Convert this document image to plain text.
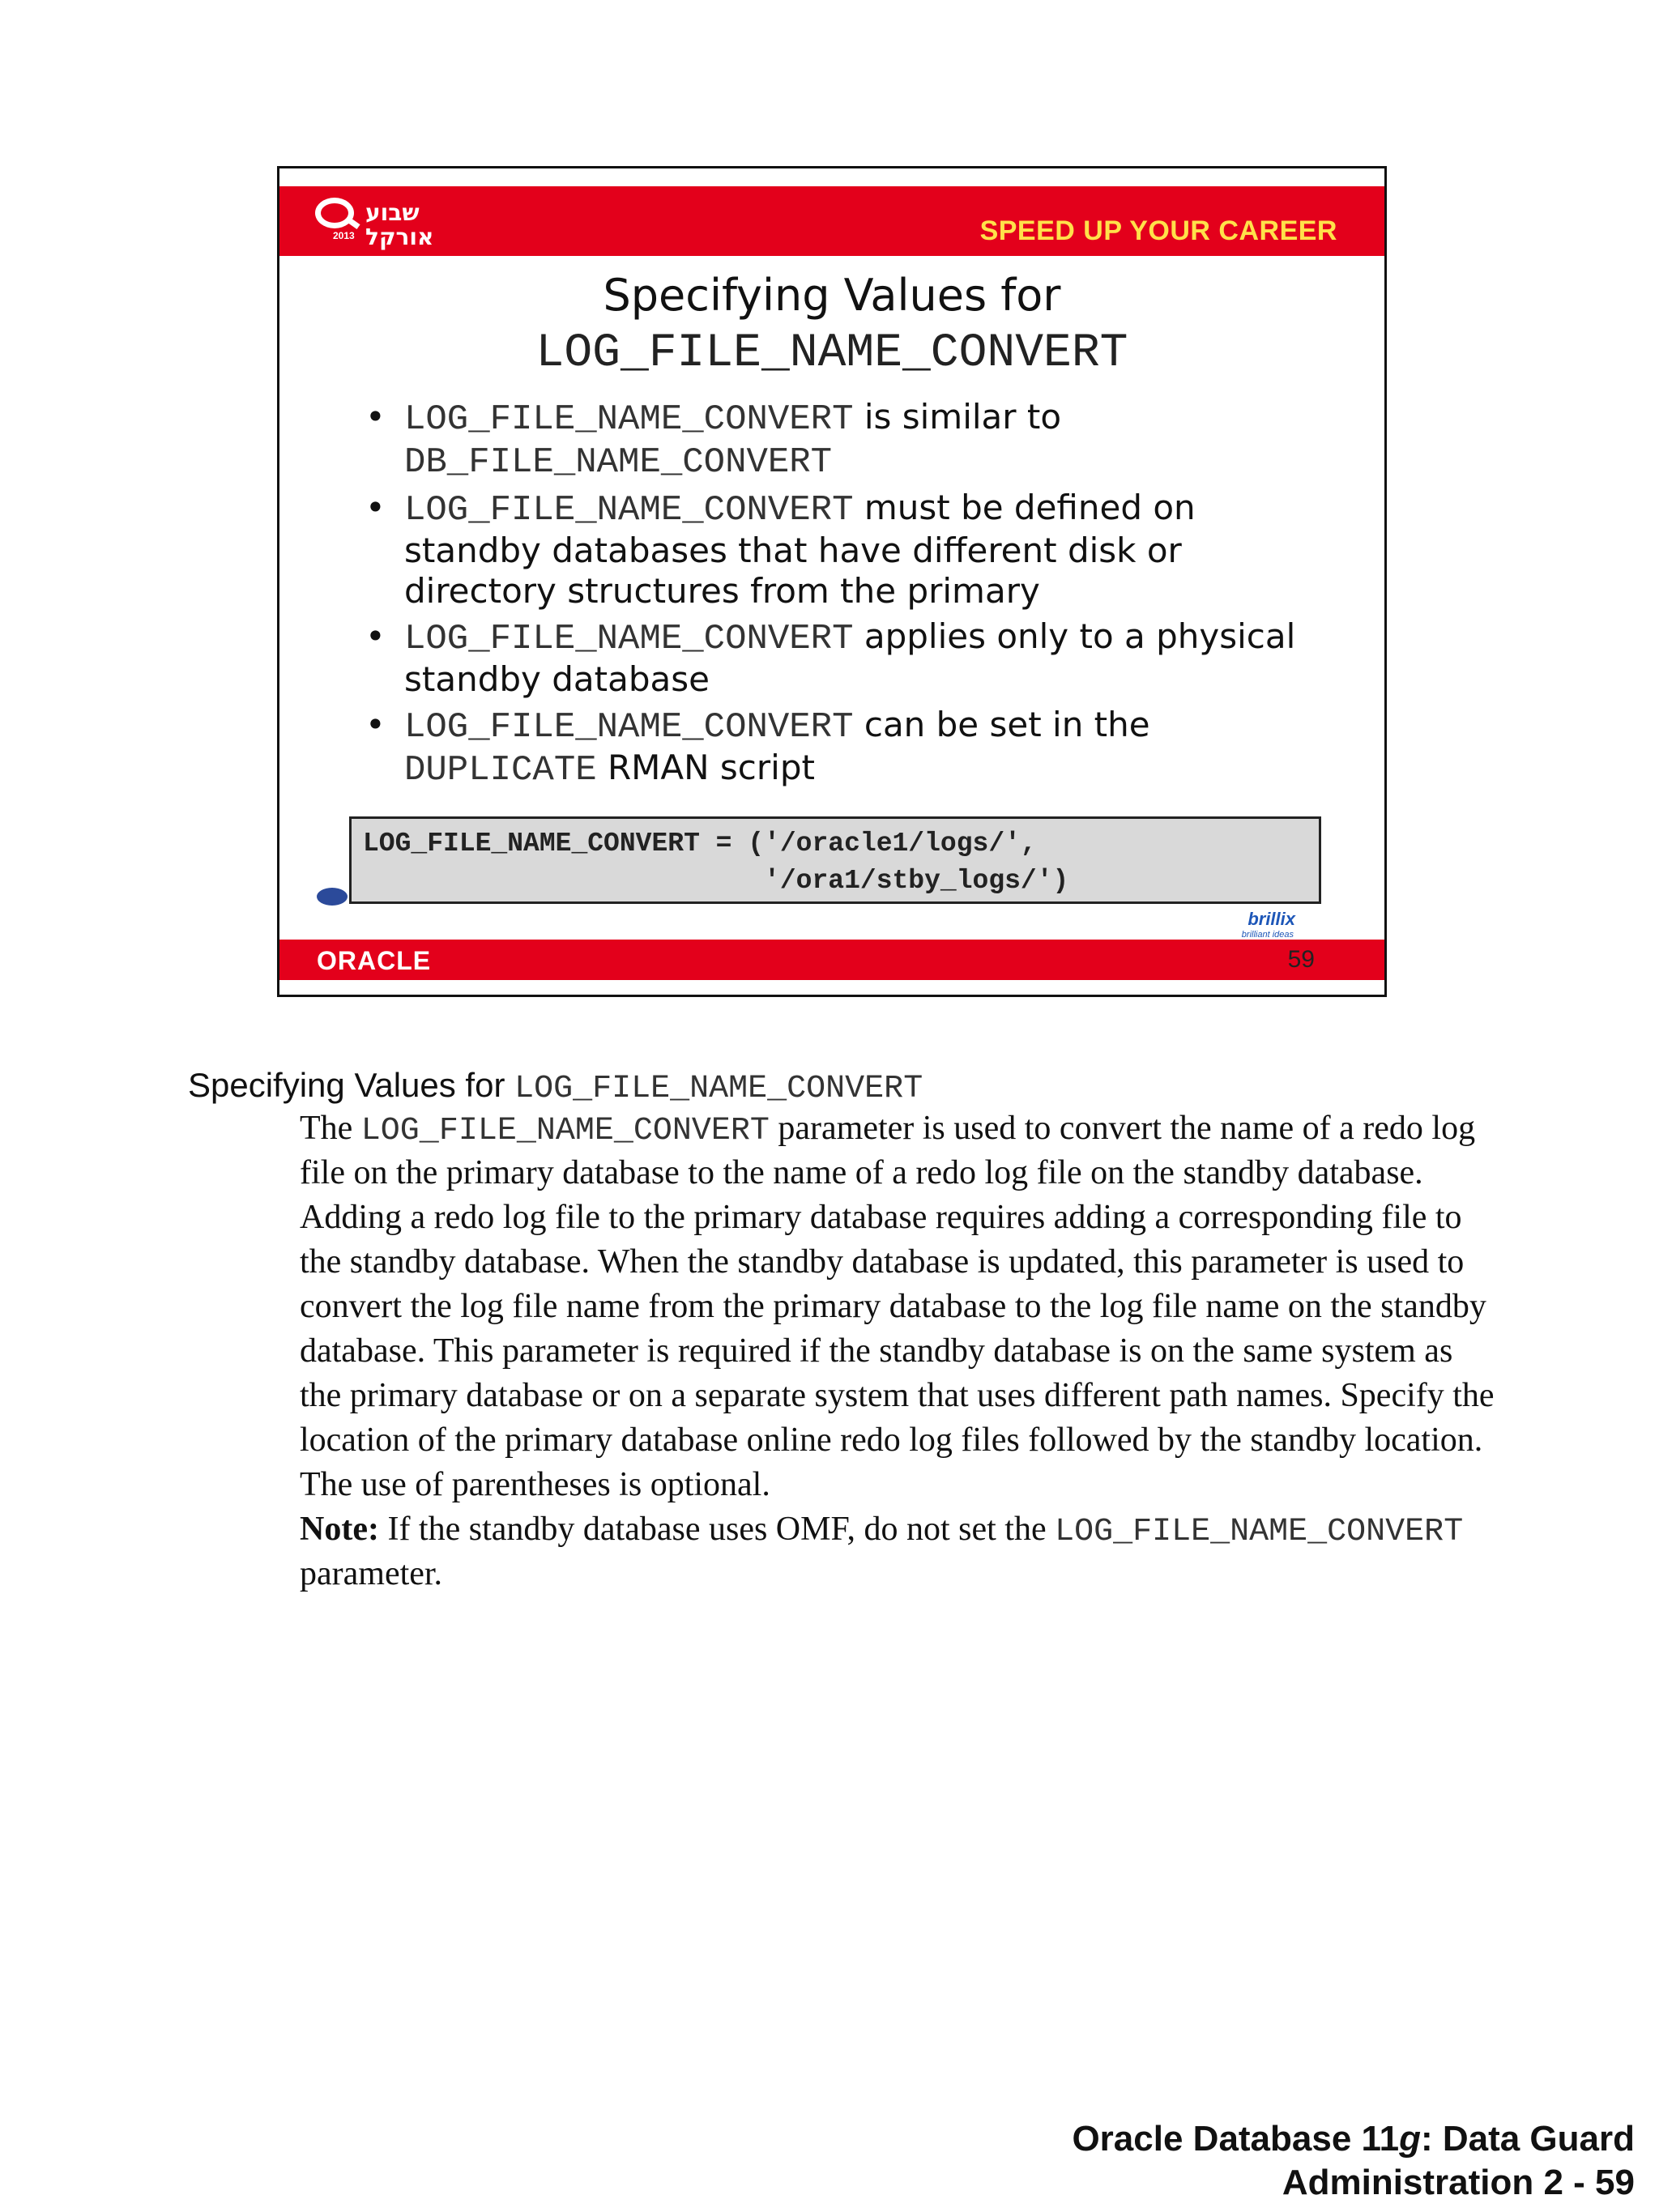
2013
שבוע אורקל	SPEED UP YOUR CAREER
Specifying Values for
LOG_FILE_NAME_CONVERT
• LOG_FILE_NAME_CONVERT is similar to
DB_FILE_NAME_CONVERT
• LOG_FILE_NAME_CONVERT must be defined on standby databases that have different disk or directory structures from the primary
• LOG_FILE_NAME_CONVERT applies only to a physical standby database
• LOG_FILE_NAME_CONVERT can be set in the
DUPLICATE RMAN script
LOG_FILE_NAME_CONVERT = ('/oracle1/logs/',
'/ora1/stby_logs/')
brillix
brilliant ideas
ORACLE	59
Specifying Values for LOG_FILE_NAME_CONVERT

The LOG_FILE_NAME_CONVERT parameter is used to convert the name of a redo log file on the primary database to the name of a redo log file on the standby database. Adding a redo log file to the primary database requires adding a corresponding file to the standby database. When the standby database is updated, this parameter is used to convert the log file name from the primary database to the log file name on the standby database. This parameter is required if the standby database is on the same system as the primary database or on a separate system that uses different path names. Specify the location of the primary database online redo log files followed by the standby location. The use of parentheses is optional.

Note: If the standby database uses OMF, do not set the LOG_FILE_NAME_CONVERT parameter.

Oracle Database 11g: Data Guard
Administration 2 - 59
